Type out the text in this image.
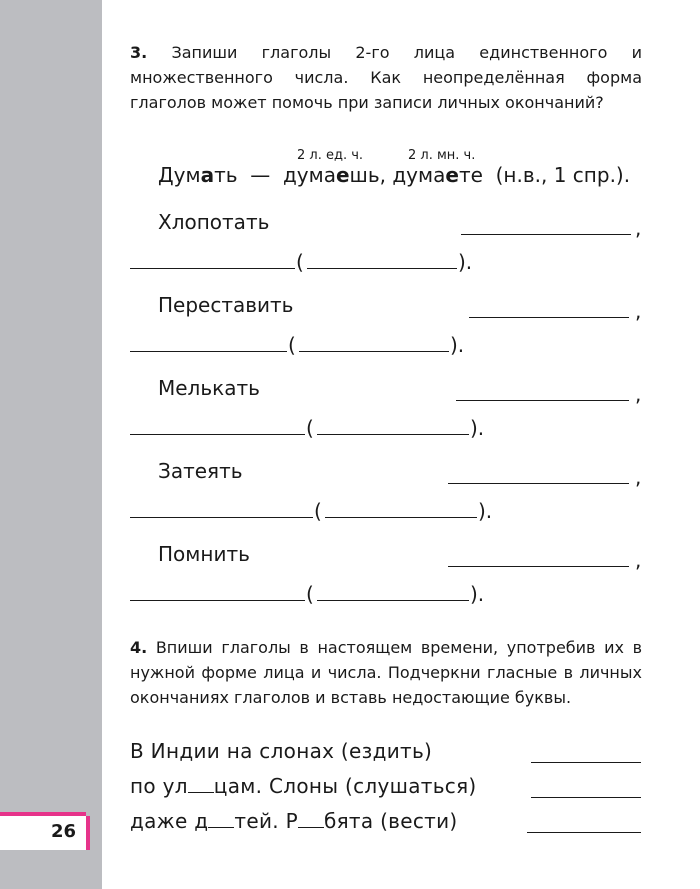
26
3. Запиши глаголы 2-го лица единственного и множественного числа. Как неопределённая форма глаголов может помочь при записи личных окончаний?
2 л. ед. ч.	2 л. мн. ч.
Думать — думаешь, думаете (н.в., 1 спр.).
Хлопотать	,
(	).
Переставить	,
(	).
Мелькать	,
(	).
Затеять	,
(	).
Помнить	,
(	).
4. Впиши глаголы в настоящем времени, употребив их в нужной форме лица и числа. Подчеркни гласные в личных окончаниях глаголов и вставь недостающие буквы.
В Индии на слонах (ездить)
по ул цам. Слоны (слушаться)
даже д тей. Р бята (вести)
